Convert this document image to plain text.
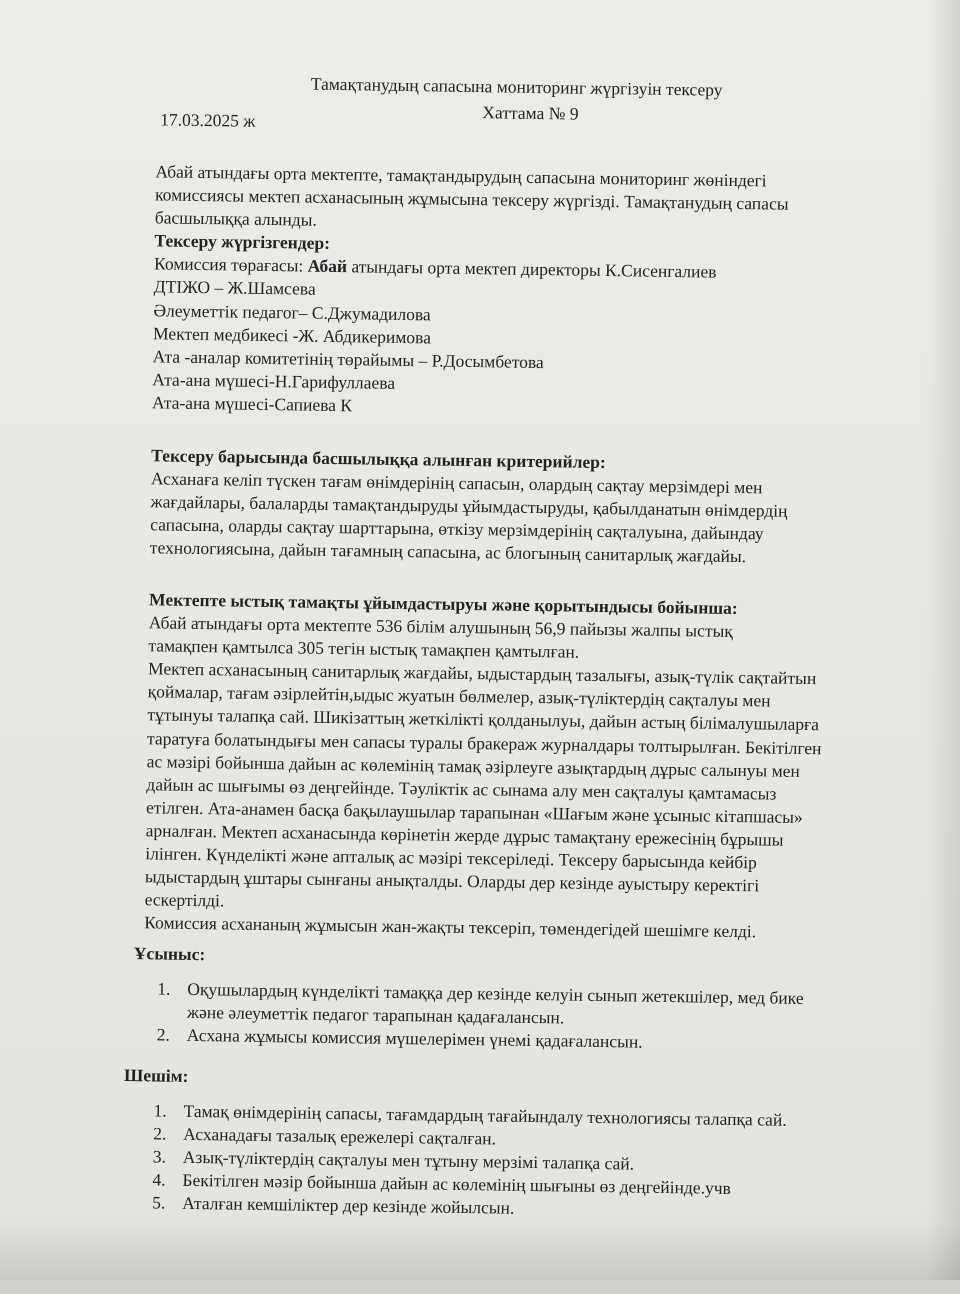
Тамақтанудың сапасына мониторинг жүргізуін тексеру
Хаттама № 9
17.03.2025 ж
Абай атындағы орта мектепте, тамақтандырудың сапасына мониторинг жөніндегі
комиссиясы мектеп асханасының жұмысына тексеру жүргізді. Тамақтанудың сапасы
басшылыққа алынды.
Тексеру жүргізгендер:
Комиссия төрағасы: Абай атындағы орта мектеп директоры К.Сисенгалиев
ДТІЖО – Ж.Шамсева
Әлеуметтік педагог– С.Джумадилова
Мектеп медбикесі -Ж. Абдикеримова
Ата -аналар комитетінің төрайымы – Р.Досымбетова
Ата-ана мүшесі-Н.Гарифуллаева
Ата-ана мүшесі-Сапиева К
Тексеру барысында басшылыққа алынған критерийлер:
Асханаға келіп түскен тағам өнімдерінің сапасын, олардың сақтау мерзімдері мен
жағдайлары, балаларды тамақтандыруды ұйымдастыруды, қабылданатын өнімдердің
сапасына, оларды сақтау шарттарына, өткізу мерзімдерінің сақталуына, дайындау
технологиясына, дайын тағамның сапасына, ас блогының санитарлық жағдайы.
Мектепте ыстық тамақты ұйымдастыруы және қорытындысы бойынша:
Абай атындағы орта мектепте 536 білім алушының 56,9 пайызы жалпы ыстық
тамақпен қамтылса 305 тегін ыстық тамақпен қамтылған.
Мектеп асханасының санитарлық жағдайы, ыдыстардың тазалығы, азық-түлік сақтайтын
қоймалар, тағам әзірлейтін,ыдыс жуатын бөлмелер, азық-түліктердің сақталуы мен
тұтынуы талапқа сай. Шикізаттың жеткілікті қолданылуы, дайын астың білімалушыларға
таратуға болатындығы мен сапасы туралы бракераж журналдары толтырылған. Бекітілген
ас мәзірі бойынша дайын ас көлемінің тамақ әзірлеуге азықтардың дұрыс салынуы мен
дайын ас шығымы өз деңгейінде. Тәуліктік ас сынама алу мен сақталуы қамтамасыз
етілген. Ата-анамен басқа бақылаушылар тарапынан «Шағым және ұсыныс кітапшасы»
арналған. Мектеп асханасында көрінетін жерде дұрыс тамақтану ережесінің бұрышы
ілінген. Күнделікті және апталық ас мәзірі тексеріледі. Тексеру барысында кейбір
ыдыстардың ұштары сынғаны анықталды. Оларды дер кезінде ауыстыру керектігі
ескертілді.
Комиссия асхананың жұмысын жан-жақты тексеріп, төмендегідей шешімге келді.
Ұсыныс:
1. Оқушылардың күнделікті тамаққа дер кезінде келуін сынып жетекшілер, мед бике
және әлеуметтік педагог тарапынан қадағалансын.
2. Асхана жұмысы комиссия мүшелерімен үнемі қадағалансын.
Шешім:
1. Тамақ өнімдерінің сапасы, тағамдардың тағайындалу технологиясы талапқа сай.
2. Асханадағы тазалық ережелері сақталған.
3. Азық-түліктердің сақталуы мен тұтыну мерзімі талапқа сай.
4. Бекітілген мәзір бойынша дайын ас көлемінің шығыны өз деңгейінде.учв
5. Аталған кемшіліктер дер кезінде жойылсын.
